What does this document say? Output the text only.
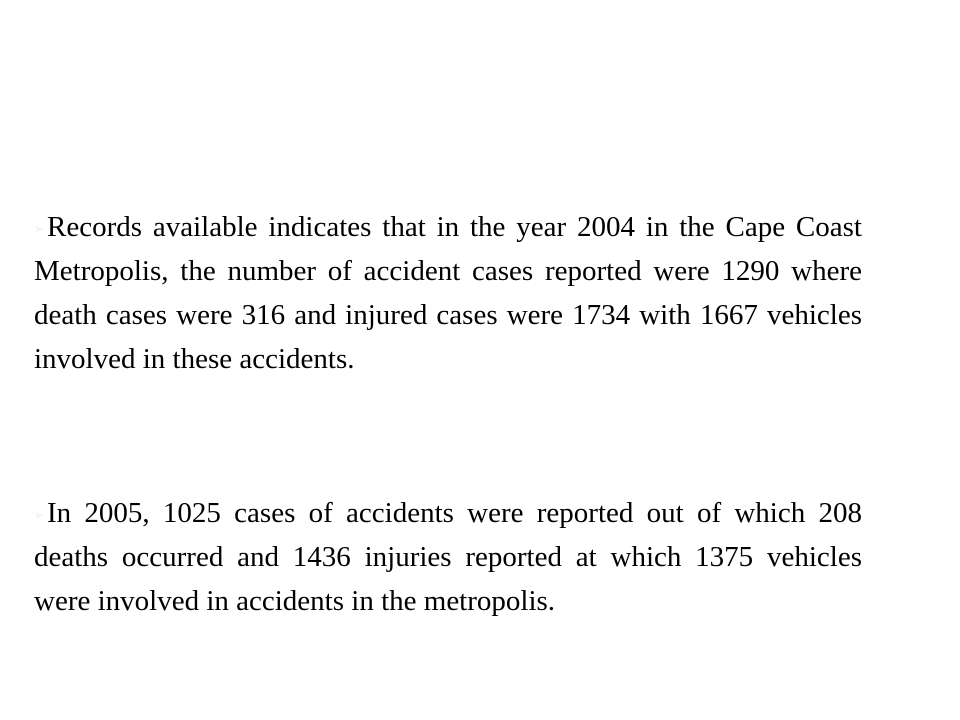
➢ Records available indicates that in the year 2004 in the Cape Coast Metropolis, the number of accident cases reported were 1290 where death cases were 316 and injured cases were 1734 with 1667 vehicles involved in these accidents.

➢ In 2005, 1025 cases of accidents were reported out of which 208 deaths occurred and 1436 injuries reported at which 1375 vehicles were involved in accidents in the metropolis.
